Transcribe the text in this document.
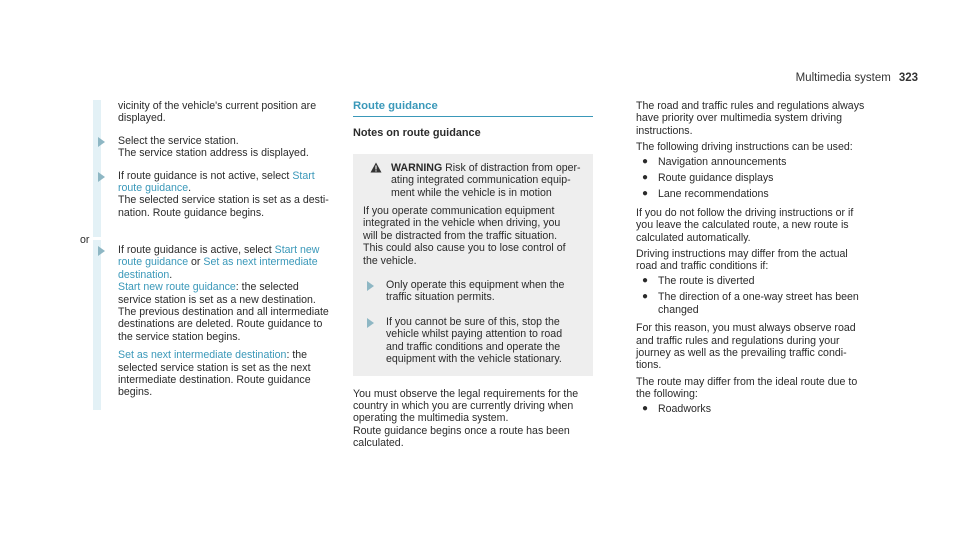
Multimedia system 323
vicinity of the vehicle's current position are
displayed.
Select the service station.
The service station address is displayed.
If route guidance is not active, select Start
route guidance.
The selected service station is set as a desti-
nation. Route guidance begins.
or
If route guidance is active, select Start new
route guidance or Set as next intermediate
destination.
Start new route guidance: the selected
service station is set as a new destination.
The previous destination and all intermediate
destinations are deleted. Route guidance to
the service station begins.
Set as next intermediate destination: the
selected service station is set as the next
intermediate destination. Route guidance
begins.
Route guidance
Notes on route guidance
WARNING Risk of distraction from oper-
ating integrated communication equip-
ment while the vehicle is in motion
If you operate communication equipment
integrated in the vehicle when driving, you
will be distracted from the traffic situation.
This could also cause you to lose control of
the vehicle.
Only operate this equipment when the
traffic situation permits.
If you cannot be sure of this, stop the
vehicle whilst paying attention to road
and traffic conditions and operate the
equipment with the vehicle stationary.
You must observe the legal requirements for the
country in which you are currently driving when
operating the multimedia system.
Route guidance begins once a route has been
calculated.
The road and traffic rules and regulations always
have priority over multimedia system driving
instructions.
The following driving instructions can be used:
● Navigation announcements
● Route guidance displays
● Lane recommendations
If you do not follow the driving instructions or if
you leave the calculated route, a new route is
calculated automatically.
Driving instructions may differ from the actual
road and traffic conditions if:
● The route is diverted
● The direction of a one-way street has been
changed
For this reason, you must always observe road
and traffic rules and regulations during your
journey as well as the prevailing traffic condi-
tions.
The route may differ from the ideal route due to
the following:
● Roadworks
